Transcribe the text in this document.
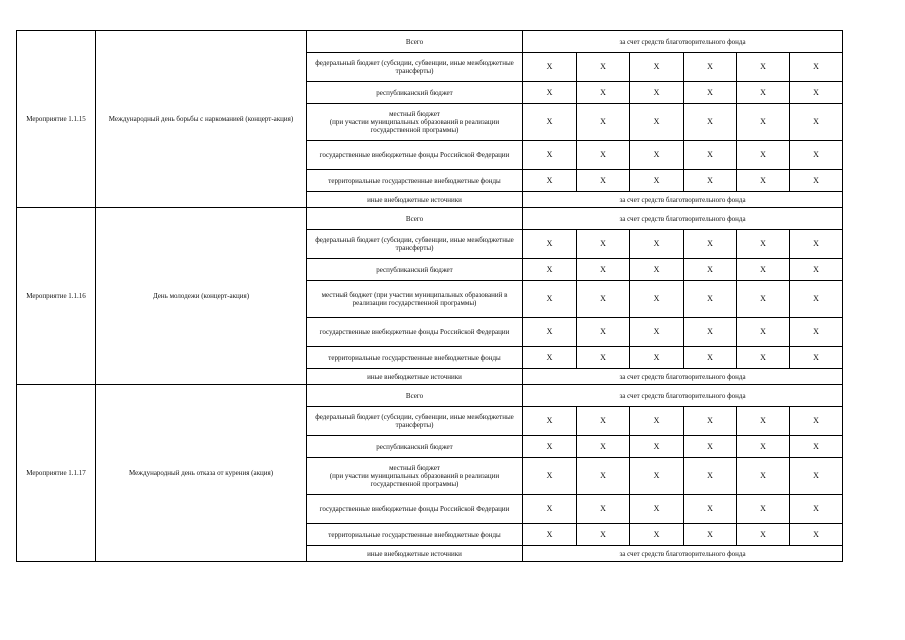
Мероприятие 1.1.15	Международный день борьбы с наркоманией (концерт-акция)	Всего	за счет средств благотворительного фонда					
		федеральный бюджет (субсидии, субвенции, иные межбюджетные трансферты)	X	X	X	X	X	X
		республиканский бюджет	X	X	X	X	X	X
		местный бюджет
(при участии муниципальных образований в реализации государственной программы)	X	X	X	X	X	X
		государственные внебюджетные фонды Российской Федерации	X	X	X	X	X	X
		территориальные государственные внебюджетные фонды	X	X	X	X	X	X
		иные внебюджетные источники	за счет средств благотворительного фонда					
Мероприятие 1.1.16	День молодежи (концерт-акция)	Всего	за счет средств благотворительного фонда					
		федеральный бюджет (субсидии, субвенции, иные межбюджетные трансферты)	X	X	X	X	X	X
		республиканский бюджет	X	X	X	X	X	X
		местный бюджет (при участии муниципальных образований в реализации государственной программы)	X	X	X	X	X	X
		государственные внебюджетные фонды Российской Федерации	X	X	X	X	X	X
		территориальные государственные внебюджетные фонды	X	X	X	X	X	X
		иные внебюджетные источники	за счет средств благотворительного фонда					
Мероприятие 1.1.17	Международный день отказа от курения (акция)	Всего	за счет средств благотворительного фонда					
		федеральный бюджет (субсидии, субвенции, иные межбюджетные трансферты)	X	X	X	X	X	X
		республиканский бюджет	X	X	X	X	X	X
		местный бюджет
(при участии муниципальных образований в реализации государственной программы)	X	X	X	X	X	X
		государственные внебюджетные фонды Российской Федерации	X	X	X	X	X	X
		территориальные государственные внебюджетные фонды	X	X	X	X	X	X
		иные внебюджетные источники	за счет средств благотворительного фонда					
